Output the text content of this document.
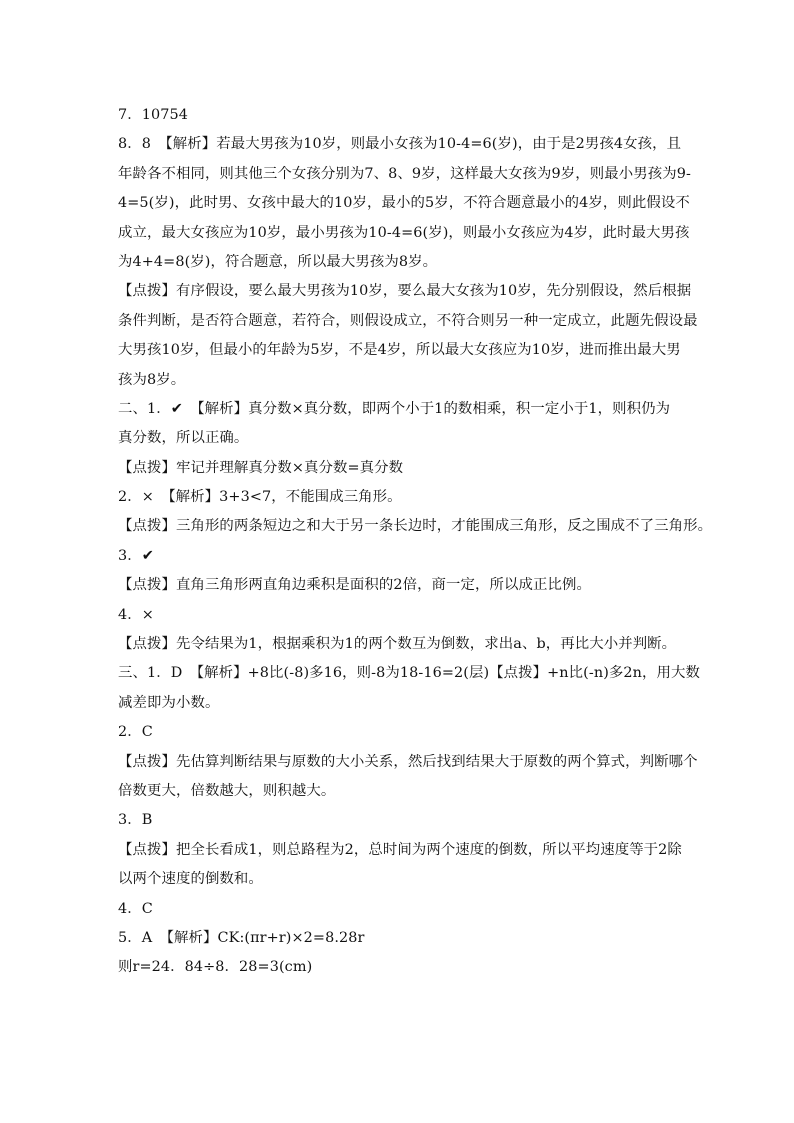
7．10754
8．8　【解析】若最大男孩为10岁，则最小女孩为10-4=6(岁)，由于是2男孩4女孩，且
年龄各不相同，则其他三个女孩分别为7、8、9岁，这样最大女孩为9岁，则最小男孩为9-
4=5(岁)，此时男、女孩中最大的10岁，最小的5岁，不符合题意最小的4岁，则此假设不
成立，最大女孩应为10岁，最小男孩为10-4=6(岁)，则最小女孩应为4岁，此时最大男孩
为4+4=8(岁)，符合题意，所以最大男孩为8岁。
【点拨】有序假设，要么最大男孩为10岁，要么最大女孩为10岁，先分别假设，然后根据
条件判断，是否符合题意，若符合，则假设成立，不符合则另一种一定成立，此题先假设最
大男孩10岁，但最小的年龄为5岁，不是4岁，所以最大女孩应为10岁，进而推出最大男
孩为8岁。
二、1．✔　【解析】真分数×真分数，即两个小于1的数相乘，积一定小于1，则积仍为
真分数，所以正确。
【点拨】牢记并理解真分数×真分数=真分数
2．×　【解析】3+3<7，不能围成三角形。
【点拨】三角形的两条短边之和大于另一条长边时，才能围成三角形，反之围成不了三角形。
3．✔
【点拨】直角三角形两直角边乘积是面积的2倍，商一定，所以成正比例。
4．×
【点拨】先令结果为1，根据乘积为1的两个数互为倒数，求出a、b，再比大小并判断。
三、1．D　【解析】+8比(-8)多16，则-8为18-16=2(层)【点拨】+n比(-n)多2n，用大数
减差即为小数。
2．C
【点拨】先估算判断结果与原数的大小关系，然后找到结果大于原数的两个算式，判断哪个
倍数更大，倍数越大，则积越大。
3．B
【点拨】把全长看成1，则总路程为2，总时间为两个速度的倒数，所以平均速度等于2除
以两个速度的倒数和。
4．C
5．A　【解析】CK:(πr+r)×2=8.28r
则r=24．84÷8．28=3(cm)
